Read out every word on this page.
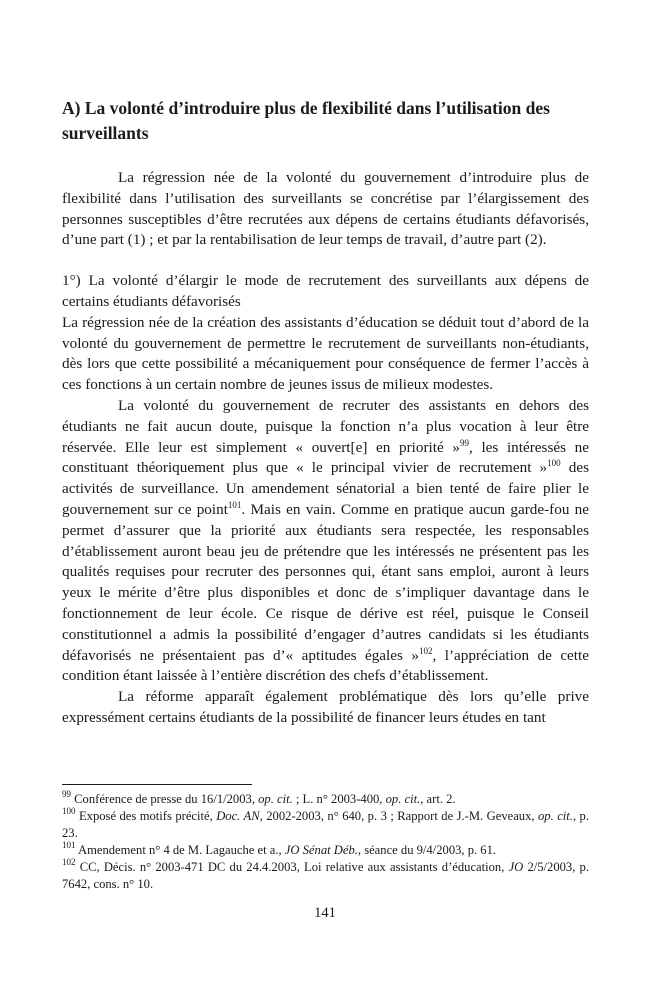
A) La volonté d’introduire plus de flexibilité dans l’utilisation des surveillants

La régression née de la volonté du gouvernement d’introduire plus de flexibilité dans l’utilisation des surveillants se concrétise par l’élargissement des personnes susceptibles d’être recrutées aux dépens de certains étudiants défavorisés, d’une part (1) ; et par la rentabilisation de leur temps de travail, d’autre part (2).

1°) La volonté d’élargir le mode de recrutement des surveillants aux dépens de certains étudiants défavorisés

La régression née de la création des assistants d’éducation se déduit tout d’abord de la volonté du gouvernement de permettre le recrutement de surveillants non-étudiants, dès lors que cette possibilité a mécaniquement pour conséquence de fermer l’accès à ces fonctions à un certain nombre de jeunes issus de milieux modestes.

La volonté du gouvernement de recruter des assistants en dehors des étudiants ne fait aucun doute, puisque la fonction n’a plus vocation à leur être réservée. Elle leur est simplement « ouvert[e] en priorité »$^{99}$, les intéressés ne constituant théoriquement plus que « le principal vivier de recrutement »$^{100}$ des activités de surveillance. Un amendement sénatorial a bien tenté de faire plier le gouvernement sur ce point$^{101}$. Mais en vain. Comme en pratique aucun garde-fou ne permet d’assurer que la priorité aux étudiants sera respectée, les responsables d’établissement auront beau jeu de prétendre que les intéressés ne présentent pas les qualités requises pour recruter des personnes qui, étant sans emploi, auront à leurs yeux le mérite d’être plus disponibles et donc de s’impliquer davantage dans le fonctionnement de leur école. Ce risque de dérive est réel, puisque le Conseil constitutionnel a admis la possibilité d’engager d’autres candidats si les étudiants défavorisés ne présentaient pas d’« aptitudes égales »$^{102}$, l’appréciation de cette condition étant laissée à l’entière discrétion des chefs d’établissement.

La réforme apparaît également problématique dès lors qu’elle prive expressément certains étudiants de la possibilité de financer leurs études en tant

$^{99}$ Conférence de presse du 16/1/2003, op. cit. ; L. n° 2003-400, op. cit., art. 2.

$^{100}$ Exposé des motifs précité, Doc. AN, 2002-2003, n° 640, p. 3 ; Rapport de J.-M. Geveaux, op. cit., p. 23.

$^{101}$ Amendement n° 4 de M. Lagauche et a., JO Sénat Déb., séance du 9/4/2003, p. 61.

$^{102}$ CC, Décis. n° 2003-471 DC du 24.4.2003, Loi relative aux assistants d’éducation, JO 2/5/2003, p. 7642, cons. n° 10.

141
